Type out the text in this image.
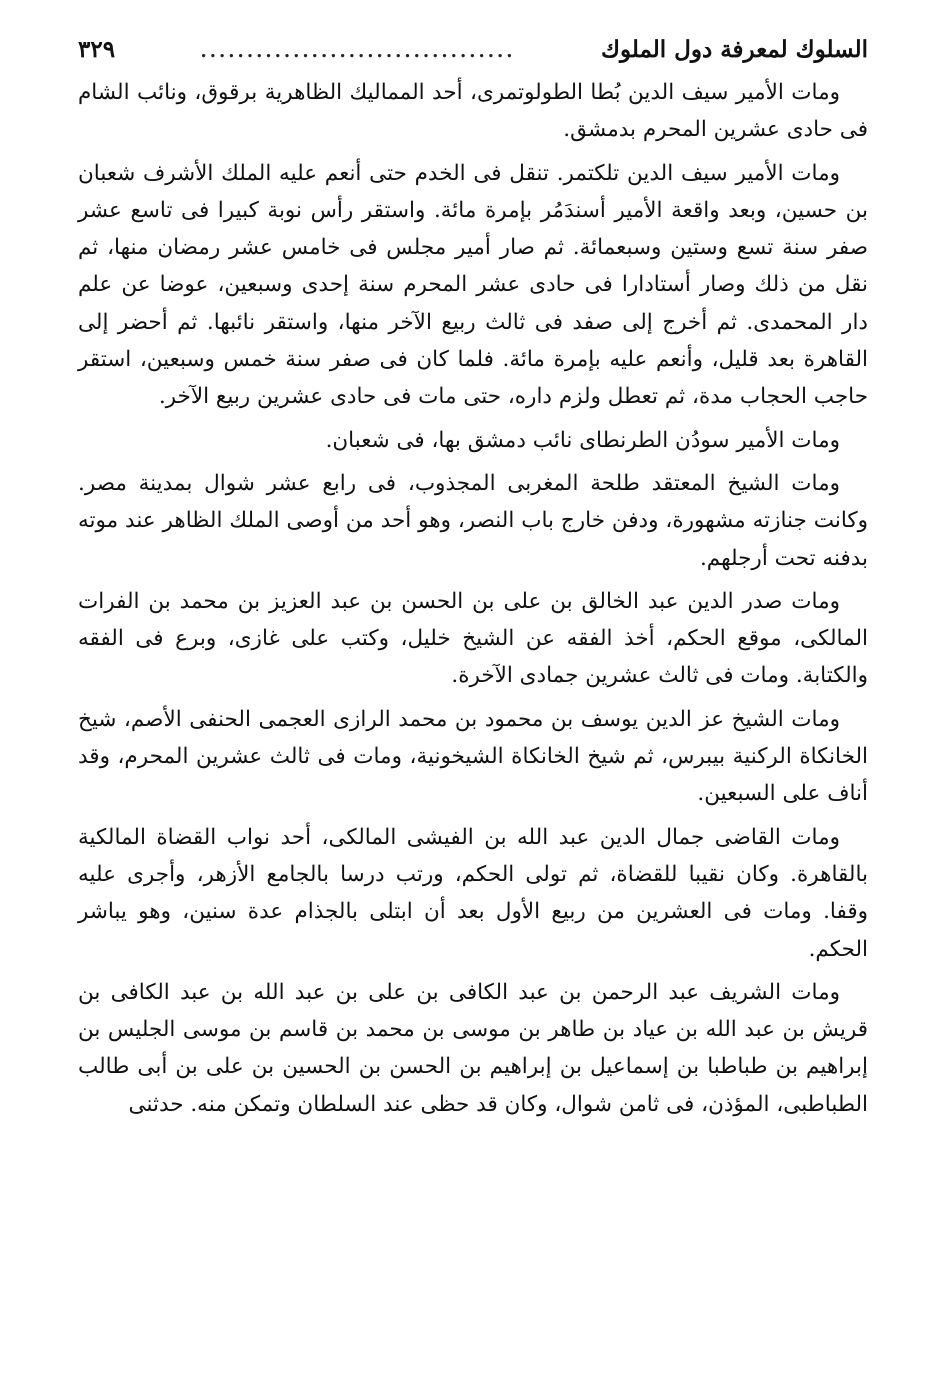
السلوك لمعرفة دول الملوك
..................................
٣٢٩

ومات الأمير سيف الدين بُطا الطولوتمرى، أحد المماليك الظاهرية برقوق، ونائب الشام فى حادى عشرين المحرم بدمشق.

ومات الأمير سيف الدين تلكتمر. تنقل فى الخدم حتى أنعم عليه الملك الأشرف شعبان بن حسين، وبعد واقعة الأمير أسندَمُر بإمرة مائة. واستقر رأس نوبة كبيرا فى تاسع عشر صفر سنة تسع وستين وسبعمائة. ثم صار أمير مجلس فى خامس عشر رمضان منها، ثم نقل من ذلك وصار أستادارا فى حادى عشر المحرم سنة إحدى وسبعين، عوضا عن علم دار المحمدى. ثم أخرج إلى صفد فى ثالث ربيع الآخر منها، واستقر نائبها. ثم أحضر إلى القاهرة بعد قليل، وأنعم عليه بإمرة مائة. فلما كان فى صفر سنة خمس وسبعين، استقر حاجب الحجاب مدة، ثم تعطل ولزم داره، حتى مات فى حادى عشرين ربيع الآخر.

ومات الأمير سودُن الطرنطاى نائب دمشق بها، فى شعبان.

ومات الشيخ المعتقد طلحة المغربى المجذوب، فى رابع عشر شوال بمدينة مصر. وكانت جنازته مشهورة، ودفن خارج باب النصر، وهو أحد من أوصى الملك الظاهر عند موته بدفنه تحت أرجلهم.

ومات صدر الدين عبد الخالق بن على بن الحسن بن عبد العزيز بن محمد بن الفرات المالكى، موقع الحكم، أخذ الفقه عن الشيخ خليل، وكتب على غازى، وبرع فى الفقه والكتابة. ومات فى ثالث عشرين جمادى الآخرة.

ومات الشيخ عز الدين يوسف بن محمود بن محمد الرازى العجمى الحنفى الأصم، شيخ الخانكاة الركنية بيبرس، ثم شيخ الخانكاة الشيخونية، ومات فى ثالث عشرين المحرم، وقد أناف على السبعين.

ومات القاضى جمال الدين عبد الله بن الفيشى المالكى، أحد نواب القضاة المالكية بالقاهرة. وكان نقيبا للقضاة، ثم تولى الحكم، ورتب درسا بالجامع الأزهر، وأجرى عليه وقفا. ومات فى العشرين من ربيع الأول بعد أن ابتلى بالجذام عدة سنين، وهو يباشر الحكم.

ومات الشريف عبد الرحمن بن عبد الكافى بن على بن عبد الله بن عبد الكافى بن قريش بن عبد الله بن عياد بن طاهر بن موسى بن محمد بن قاسم بن موسى الجليس بن إبراهيم بن طباطبا بن إسماعيل بن إبراهيم بن الحسن بن الحسين بن على بن أبى طالب الطباطبى، المؤذن، فى ثامن شوال، وكان قد حظى عند السلطان وتمكن منه. حدثنى
